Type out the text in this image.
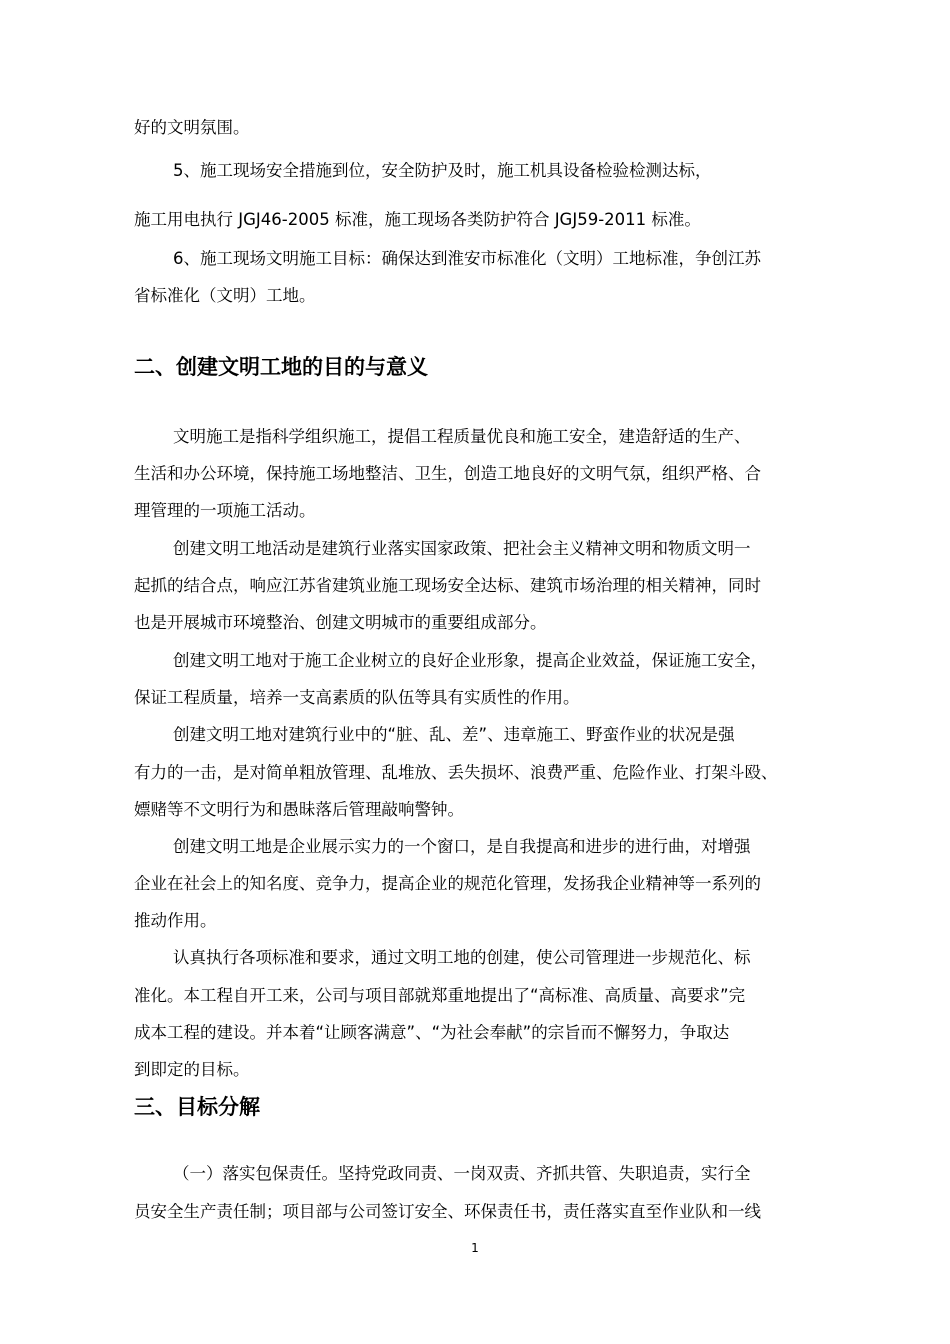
好的文明氛围。

5、施工现场安全措施到位，安全防护及时，施工机具设备检验检测达标，

施工用电执行 JGJ46-2005 标准，施工现场各类防护符合 JGJ59-2011 标准。

6、施工现场文明施工目标：确保达到淮安市标准化（文明）工地标准，争创江苏

省标准化（文明）工地。

二、创建文明工地的目的与意义

文明施工是指科学组织施工，提倡工程质量优良和施工安全，建造舒适的生产、

生活和办公环境，保持施工场地整洁、卫生，创造工地良好的文明气氛，组织严格、合

理管理的一项施工活动。

创建文明工地活动是建筑行业落实国家政策、把社会主义精神文明和物质文明一

起抓的结合点，响应江苏省建筑业施工现场安全达标、建筑市场治理的相关精神，同时

也是开展城市环境整治、创建文明城市的重要组成部分。

创建文明工地对于施工企业树立的良好企业形象，提高企业效益，保证施工安全，

保证工程质量，培养一支高素质的队伍等具有实质性的作用。

创建文明工地对建筑行业中的“脏、乱、差”、违章施工、野蛮作业的状况是强

有力的一击，是对简单粗放管理、乱堆放、丢失损坏、浪费严重、危险作业、打架斗殴、

嫖赌等不文明行为和愚昧落后管理敲响警钟。

创建文明工地是企业展示实力的一个窗口，是自我提高和进步的进行曲，对增强

企业在社会上的知名度、竞争力，提高企业的规范化管理，发扬我企业精神等一系列的

推动作用。

认真执行各项标准和要求，通过文明工地的创建，使公司管理进一步规范化、标

准化。本工程自开工来，公司与项目部就郑重地提出了“高标准、高质量、高要求”完

成本工程的建设。并本着“让顾客满意”、“为社会奉献”的宗旨而不懈努力，争取达

到即定的目标。

三、目标分解

（一）落实包保责任。坚持党政同责、一岗双责、齐抓共管、失职追责，实行全

员安全生产责任制；项目部与公司签订安全、环保责任书，责任落实直至作业队和一线

1
